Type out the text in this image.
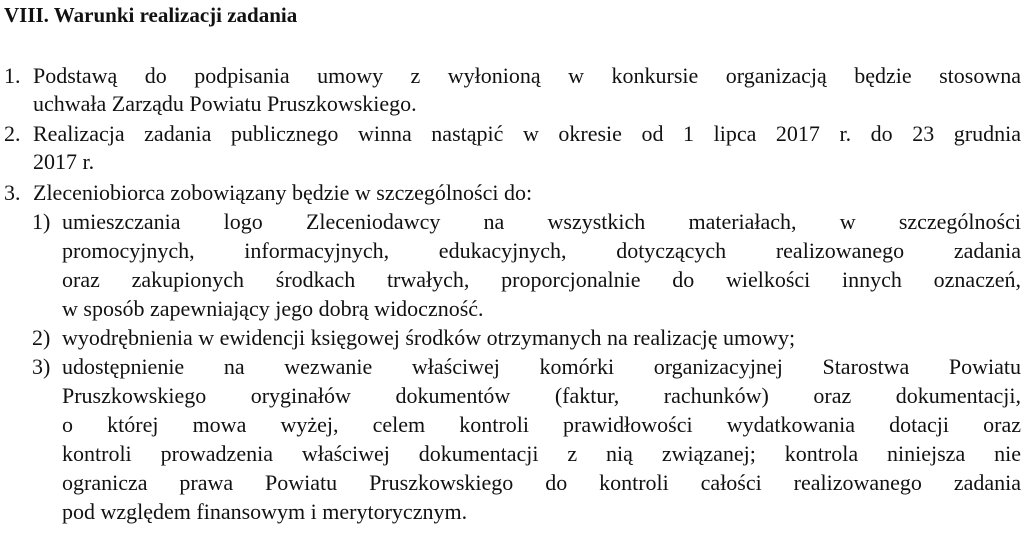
VIII. Warunki realizacji zadania
1. Podstawą do podpisania umowy z wyłonioną w konkursie organizacją będzie stosowna
uchwała Zarządu Powiatu Pruszkowskiego.
2. Realizacja zadania publicznego winna nastąpić w okresie od 1 lipca 2017 r. do 23 grudnia
2017 r.
3. Zleceniobiorca zobowiązany będzie w szczególności do:
1) umieszczania logo Zleceniodawcy na wszystkich materiałach, w szczególności
promocyjnych, informacyjnych, edukacyjnych, dotyczących realizowanego zadania
oraz zakupionych środkach trwałych, proporcjonalnie do wielkości innych oznaczeń,
w sposób zapewniający jego dobrą widoczność.
2) wyodrębnienia w ewidencji księgowej środków otrzymanych na realizację umowy;
3) udostępnienie na wezwanie właściwej komórki organizacyjnej Starostwa Powiatu
Pruszkowskiego oryginałów dokumentów (faktur, rachunków) oraz dokumentacji,
o której mowa wyżej, celem kontroli prawidłowości wydatkowania dotacji oraz
kontroli prowadzenia właściwej dokumentacji z nią związanej; kontrola niniejsza nie
ogranicza prawa Powiatu Pruszkowskiego do kontroli całości realizowanego zadania
pod względem finansowym i merytorycznym.
